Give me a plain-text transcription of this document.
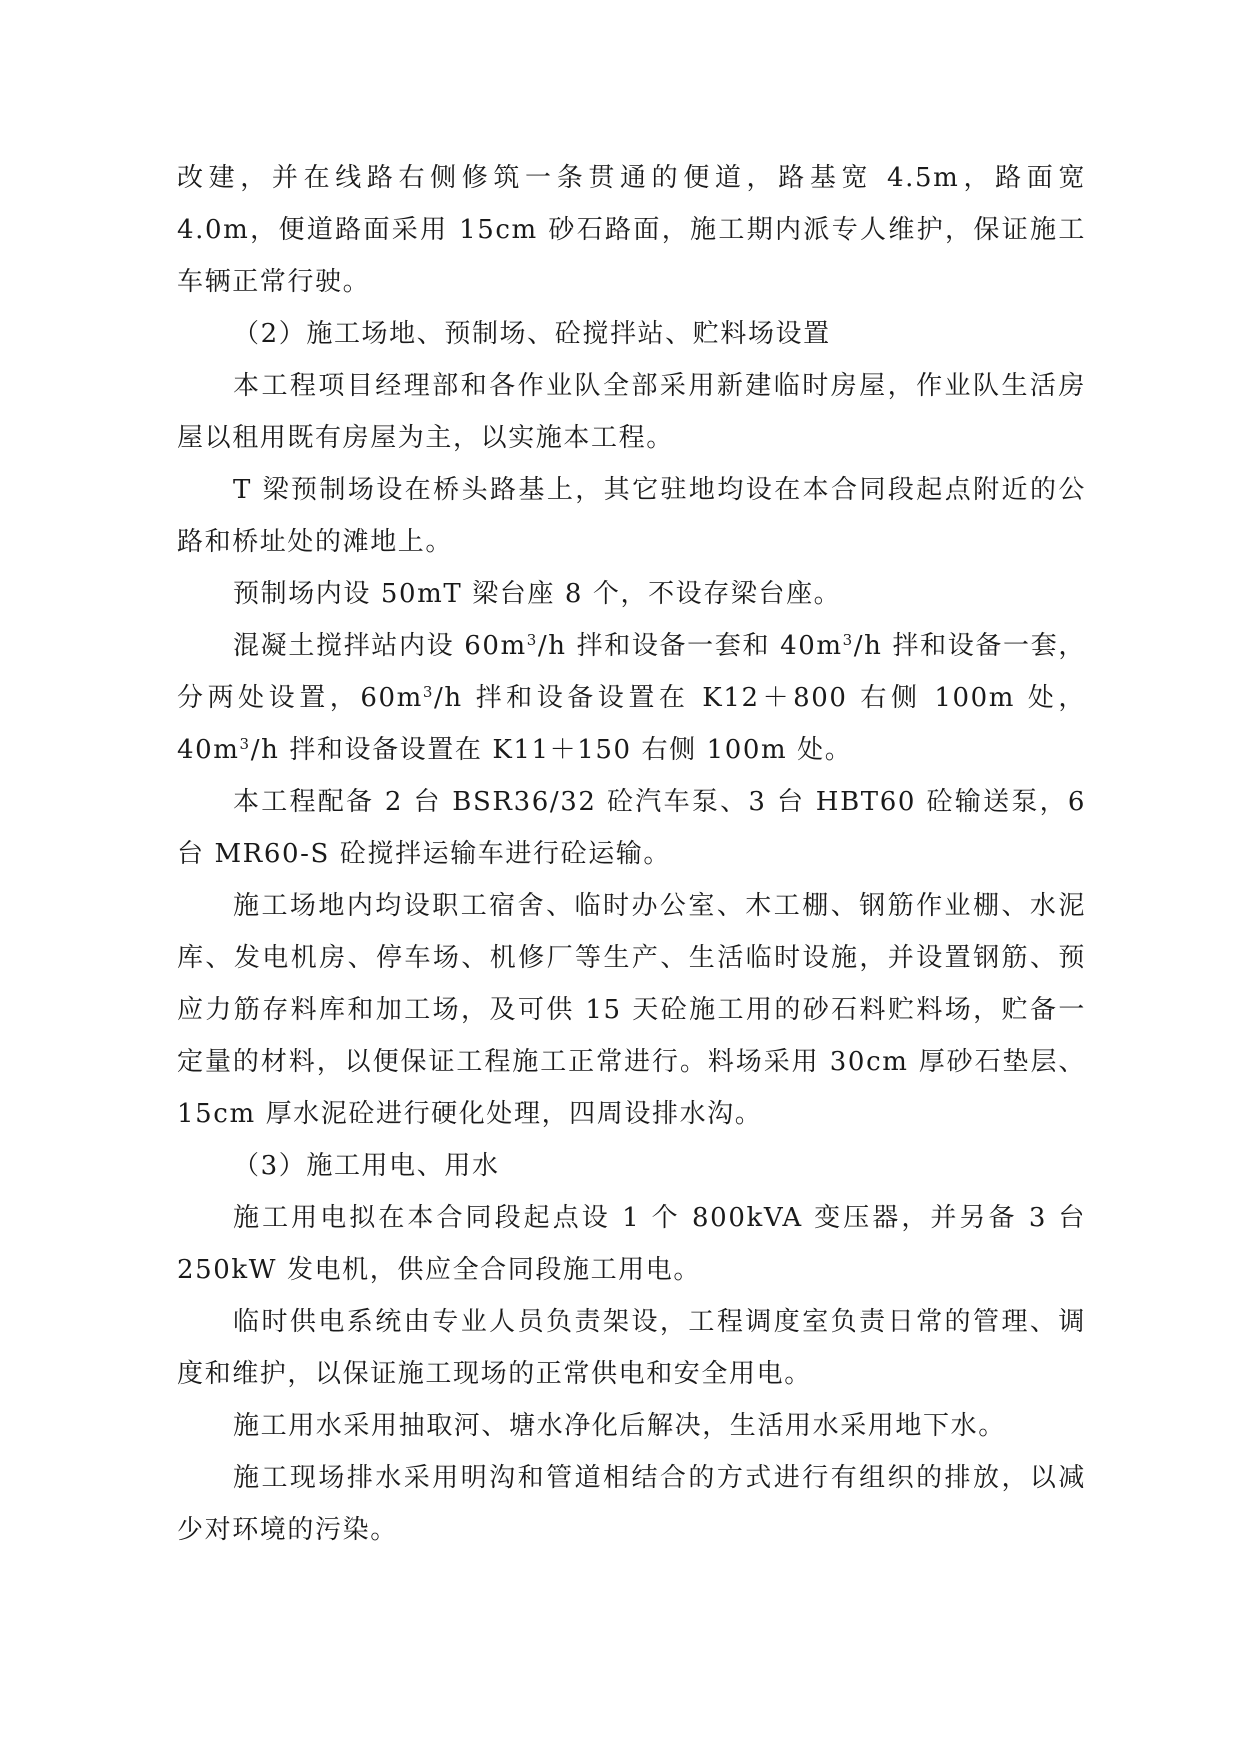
改建，并在线路右侧修筑一条贯通的便道，路基宽 4.5m，路面宽 4.0m，便道路面采用 15cm 砂石路面，施工期内派专人维护，保证施工车辆正常行驶。

（2）施工场地、预制场、砼搅拌站、贮料场设置

本工程项目经理部和各作业队全部采用新建临时房屋，作业队生活房屋以租用既有房屋为主，以实施本工程。

T 梁预制场设在桥头路基上，其它驻地均设在本合同段起点附近的公路和桥址处的滩地上。

预制场内设 50mT 梁台座 8 个，不设存梁台座。

混凝土搅拌站内设 $60m^3/h$ 拌和设备一套和 $40m^3/h$ 拌和设备一套，分两处设置，$60m^3/h$ 拌和设备设置在 K12＋800 右侧 100m 处，$40m^3/h$ 拌和设备设置在 K11＋150 右侧 100m 处。

本工程配备 2 台 BSR36/32 砼汽车泵、3 台 HBT60 砼输送泵，6 台 MR60-S 砼搅拌运输车进行砼运输。

施工场地内均设职工宿舍、临时办公室、木工棚、钢筋作业棚、水泥库、发电机房、停车场、机修厂等生产、生活临时设施，并设置钢筋、预应力筋存料库和加工场，及可供 15 天砼施工用的砂石料贮料场，贮备一定量的材料，以便保证工程施工正常进行。料场采用 30cm 厚砂石垫层、15cm 厚水泥砼进行硬化处理，四周设排水沟。

（3）施工用电、用水

施工用电拟在本合同段起点设 1 个 800kVA 变压器，并另备 3 台 250kW 发电机，供应全合同段施工用电。

临时供电系统由专业人员负责架设，工程调度室负责日常的管理、调度和维护，以保证施工现场的正常供电和安全用电。

施工用水采用抽取河、塘水净化后解决，生活用水采用地下水。

施工现场排水采用明沟和管道相结合的方式进行有组织的排放，以减少对环境的污染。
